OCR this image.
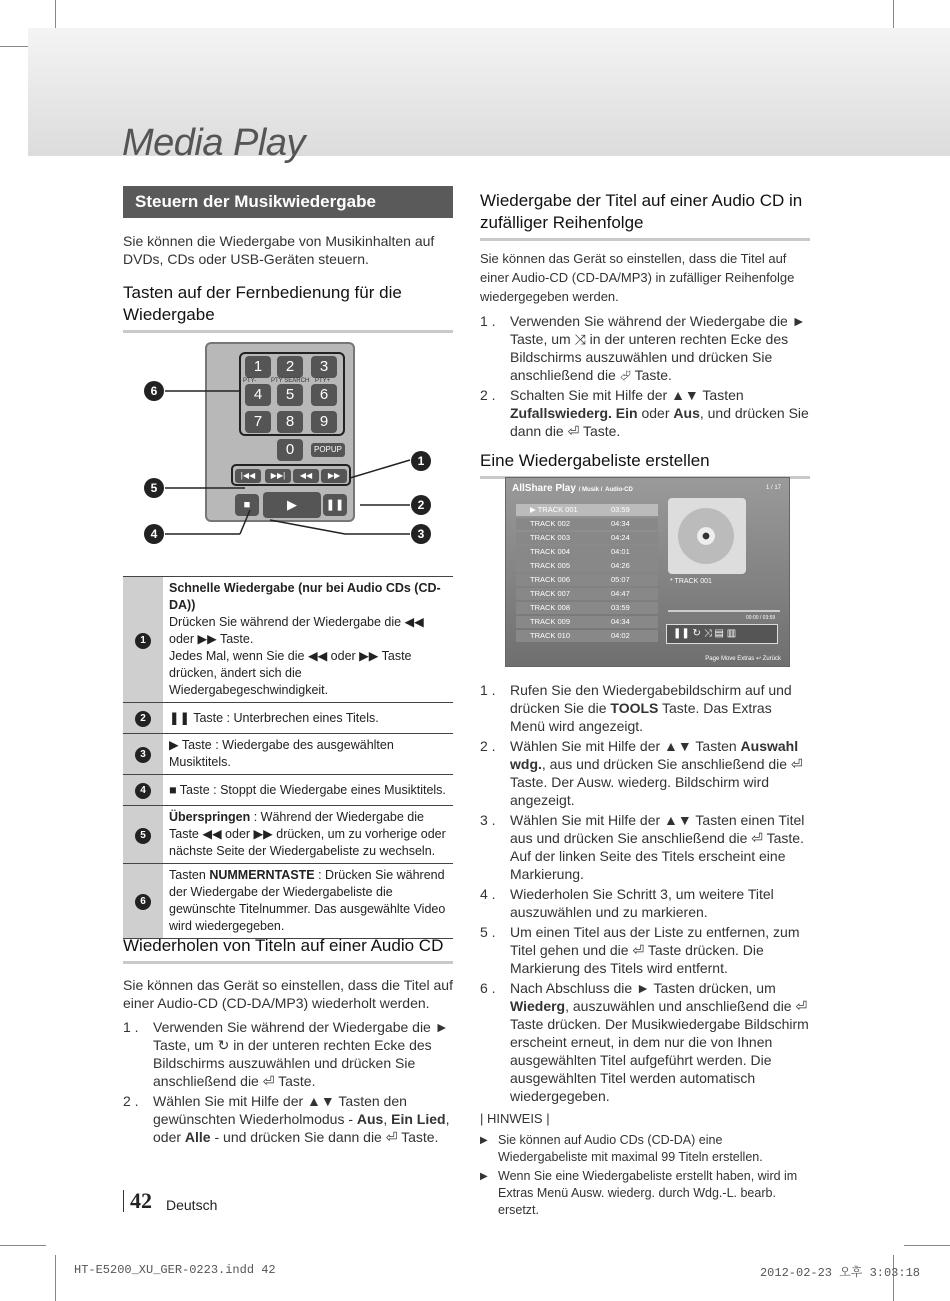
Media Play
Steuern der Musikwiedergabe
Sie können die Wiedergabe von Musikinhalten auf DVDs, CDs oder USB-Geräten steuern.
Tasten auf der Fernbedienung für die Wiedergabe
1	2	3
PTY- PTY SEARCH PTY+
4	5	6
7	8	9
0	POPUP
|◀◀	▶▶|	◀◀	▶▶
■	▶	❚❚
6
5
4
1
2
3
1	Schnelle Wiedergabe (nur bei Audio CDs (CD-DA))
Drücken Sie während der Wiedergabe die ◀◀ oder ▶▶ Taste.
Jedes Mal, wenn Sie die ◀◀ oder ▶▶ Taste drücken, ändert sich die Wiedergabegeschwindigkeit.

2	❚❚ Taste : Unterbrechen eines Titels.
3	▶ Taste : Wiedergabe des ausgewählten Musiktitels.
4	■ Taste : Stoppt die Wiedergabe eines Musiktitels.
5	Überspringen : Während der Wiedergabe die Taste ◀◀ oder ▶▶ drücken, um zu vorherige oder nächste Seite der Wiedergabeliste zu wechseln.
6	Tasten NUMMERNTASTE : Drücken Sie während der Wiedergabe der Wiedergabeliste die gewünschte Titelnummer. Das ausgewählte Video wird wiedergegeben.
Wiederholen von Titeln auf einer Audio CD
Sie können das Gerät so einstellen, dass die Titel auf einer Audio-CD (CD-DA/MP3) wiederholt werden.
1 .	Verwenden Sie während der Wiedergabe die ► Taste, um ↻ in der unteren rechten Ecke des Bildschirms auszuwählen und drücken Sie anschließend die ⏎ Taste.
2 .	Wählen Sie mit Hilfe der ▲▼ Tasten den gewünschten Wiederholmodus - Aus, Ein Lied, oder Alle - und drücken Sie dann die ⏎ Taste.
Wiedergabe der Titel auf einer Audio CD in zufälliger Reihenfolge
Sie können das Gerät so einstellen, dass die Titel auf einer Audio-CD (CD-DA/MP3) in zufälliger Reihenfolge wiedergegeben werden.
1 .	Verwenden Sie während der Wiedergabe die ► Taste, um ⤨ in der unteren rechten Ecke des Bildschirms auszuwählen und drücken Sie anschließend die ⏎ Taste.
2 .	Schalten Sie mit Hilfe der ▲▼ Tasten Zufallswiederg. Ein oder Aus, und drücken Sie dann die ⏎ Taste.
Eine Wiedergabeliste erstellen
AllShare Play / Musik / Audio-CD	1 / 17
▶ TRACK 001	03:59
TRACK 002	04:34
TRACK 003	04:24
TRACK 004	04:01
TRACK 005	04:26
TRACK 006	05:07
TRACK 007	04:47
TRACK 008	03:59
TRACK 009	04:34
TRACK 010	04:02
* TRACK 001
00:00 / 03:59
❚❚ ↻ ⤨ ▤ ▥
Page Move Extras ↩ Zurück
1 .	Rufen Sie den Wiedergabebildschirm auf und drücken Sie die TOOLS Taste. Das Extras Menü wird angezeigt.
2 .	Wählen Sie mit Hilfe der ▲▼ Tasten Auswahl wdg., aus und drücken Sie anschließend die ⏎ Taste. Der Ausw. wiederg. Bildschirm wird angezeigt.
3 .	Wählen Sie mit Hilfe der ▲▼ Tasten einen Titel aus und drücken Sie anschließend die ⏎ Taste. Auf der linken Seite des Titels erscheint eine Markierung.
4 .	Wiederholen Sie Schritt 3, um weitere Titel auszuwählen und zu markieren.
5 .	Um einen Titel aus der Liste zu entfernen, zum Titel gehen und die ⏎ Taste drücken. Die Markierung des Titels wird entfernt.
6 .	Nach Abschluss die ► Tasten drücken, um Wiederg, auszuwählen und anschließend die ⏎ Taste drücken. Der Musikwiedergabe Bildschirm erscheint erneut, in dem nur die von Ihnen ausgewählten Titel aufgeführt werden. Die ausgewählten Titel werden automatisch wiedergegeben.
| HINWEIS |
▶ Sie können auf Audio CDs (CD-DA) eine Wiedergabeliste mit maximal 99 Titeln erstellen.
▶ Wenn Sie eine Wiedergabeliste erstellt haben, wird im Extras Menü Ausw. wiederg. durch Wdg.-L. bearb. ersetzt.
42 Deutsch
HT-E5200_XU_GER-0223.indd 42	2012-02-23 오후 3:03:18
